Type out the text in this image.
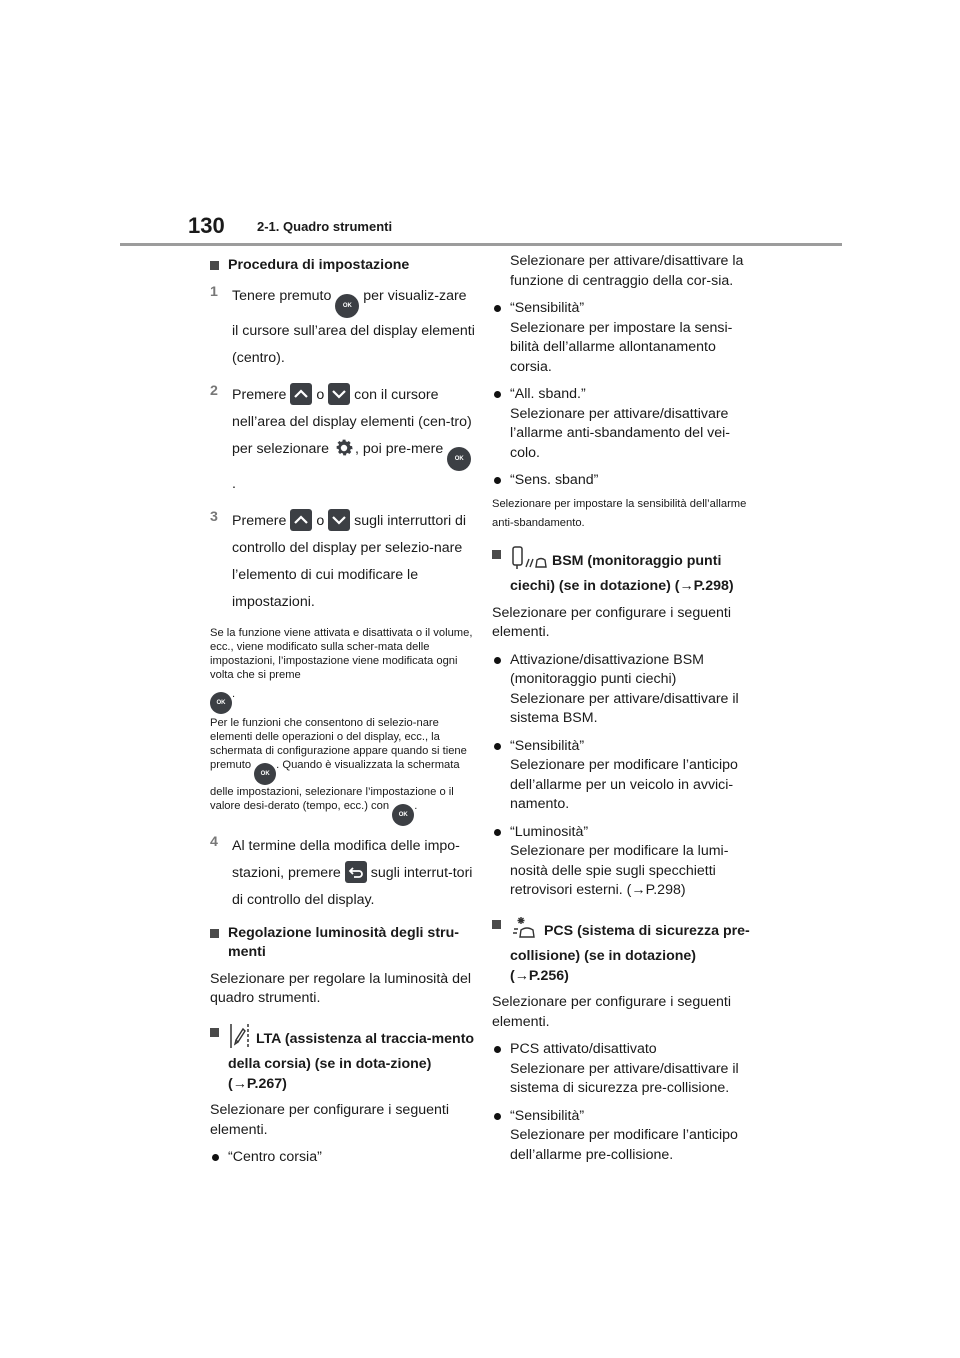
130 2-1. Quadro strumenti
Procedura di impostazione
1 Tenere premuto OK per visualiz-zare il cursore sull’area del display elementi (centro).
2 Premere o con il cursore nell’area del display elementi (cen-tro) per selezionare , poi pre-mere OK.
3 Premere o sugli interruttori di controllo del display per selezio-nare l’elemento di cui modificare le impostazioni.
Se la funzione viene attivata e disattivata o il volume, ecc., viene modificato sulla scher-mata delle impostazioni, l’impostazione viene modificata ogni volta che si preme
OK.
Per le funzioni che consentono di selezio-nare elementi delle operazioni o del display, ecc., la schermata di configurazione appare quando si tiene premuto OK. Quando è visualizzata la schermata delle impostazioni, selezionare l’impostazione o il valore desi-derato (tempo, ecc.) con OK.
4 Al termine della modifica delle impo-stazioni, premere sugli interrut-tori di controllo del display.
Regolazione luminosità degli stru-menti
Selezionare per regolare la luminosità del quadro strumenti.
LTA (assistenza al traccia-mento della corsia) (se in dota-zione) (→P.267)
Selezionare per configurare i seguenti elementi.
“Centro corsia”
Selezionare per attivare/disattivare la funzione di centraggio della cor-sia.
“Sensibilità”
Selezionare per impostare la sensi-bilità dell’allarme allontanamento corsia.
“All. sband.”
Selezionare per attivare/disattivare l’allarme anti-sbandamento del vei-colo.
“Sens. sband”
Selezionare per impostare la sensibilità dell’allarme anti-sbandamento.
BSM (monitoraggio punti ciechi) (se in dotazione) (→P.298)
Selezionare per configurare i seguenti elementi.
Attivazione/disattivazione BSM (monitoraggio punti ciechi)
Selezionare per attivare/disattivare il sistema BSM.
“Sensibilità”
Selezionare per modificare l’anticipo dell’allarme per un veicolo in avvici-namento.
“Luminosità”
Selezionare per modificare la lumi-nosità delle spie sugli specchietti retrovisori esterni. (→P.298)
PCS (sistema di sicurezza pre-collisione) (se in dotazione) (→P.256)
Selezionare per configurare i seguenti elementi.
PCS attivato/disattivato
Selezionare per attivare/disattivare il sistema di sicurezza pre-collisione.
“Sensibilità”
Selezionare per modificare l’anticipo dell’allarme pre-collisione.
